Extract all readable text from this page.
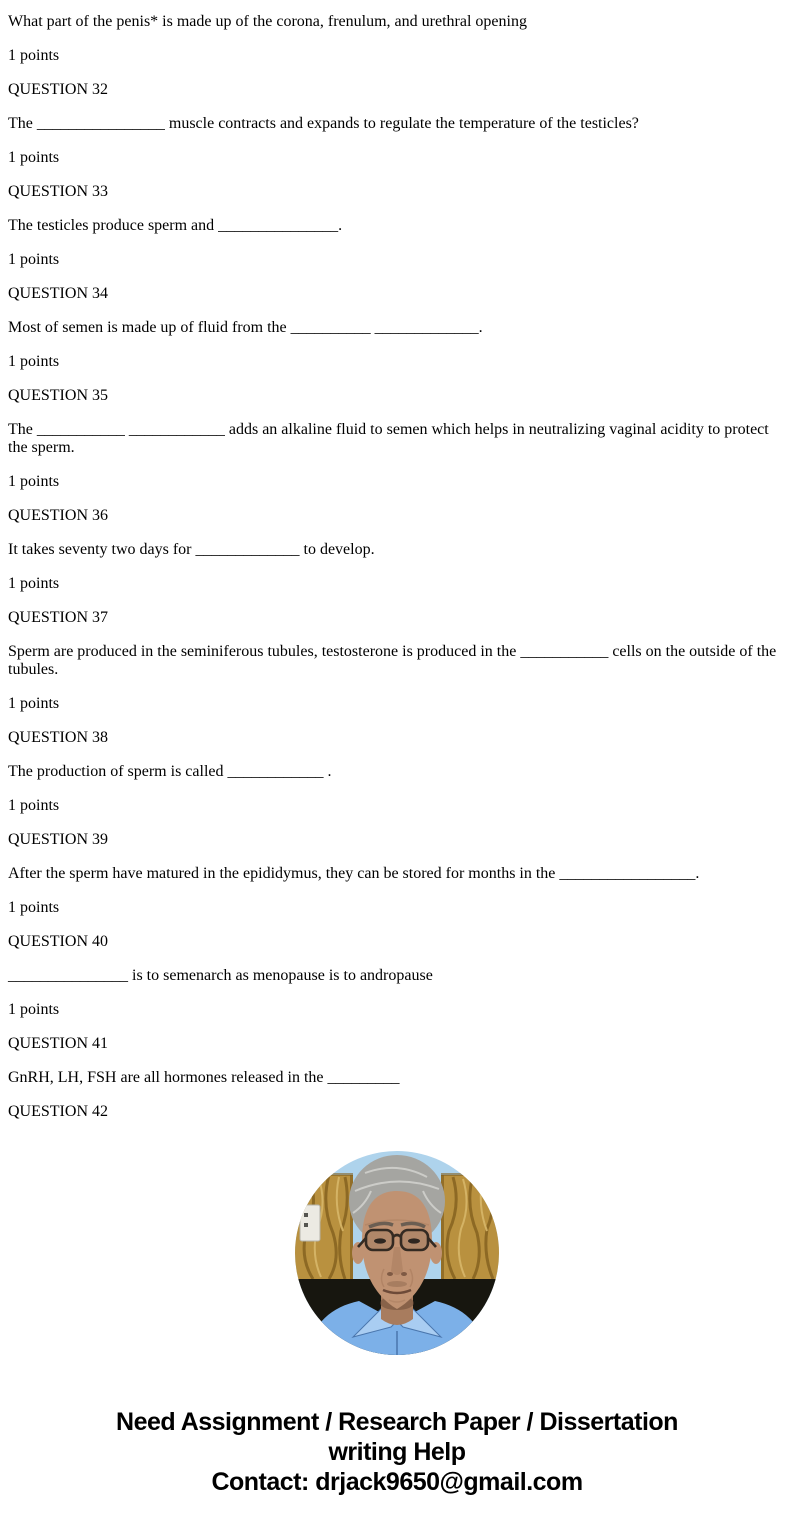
What part of the penis* is made up of the corona, frenulum, and urethral opening

1 points

QUESTION 32

The ________________ muscle contracts and expands to regulate the temperature of the testicles?

1 points

QUESTION 33

The testicles produce sperm and _______________.

1 points

QUESTION 34

Most of semen is made up of fluid from the __________ _____________.

1 points

QUESTION 35

The ___________ ____________ adds an alkaline fluid to semen which helps in neutralizing vaginal acidity to protect the sperm.

1 points

QUESTION 36

It takes seventy two days for _____________ to develop.

1 points

QUESTION 37

Sperm are produced in the seminiferous tubules, testosterone is produced in the ___________ cells on the outside of the tubules.

1 points

QUESTION 38

The production of sperm is called ____________ .

1 points

QUESTION 39

After the sperm have matured in the epididymus, they can be stored for months in the _________________.

1 points

QUESTION 40

_______________ is to semenarch as menopause is to andropause

1 points

QUESTION 41

GnRH, LH, FSH are all hormones released in the _________

QUESTION 42

Need Assignment / Research Paper / Dissertation
writing Help
Contact: drjack9650@gmail.com
